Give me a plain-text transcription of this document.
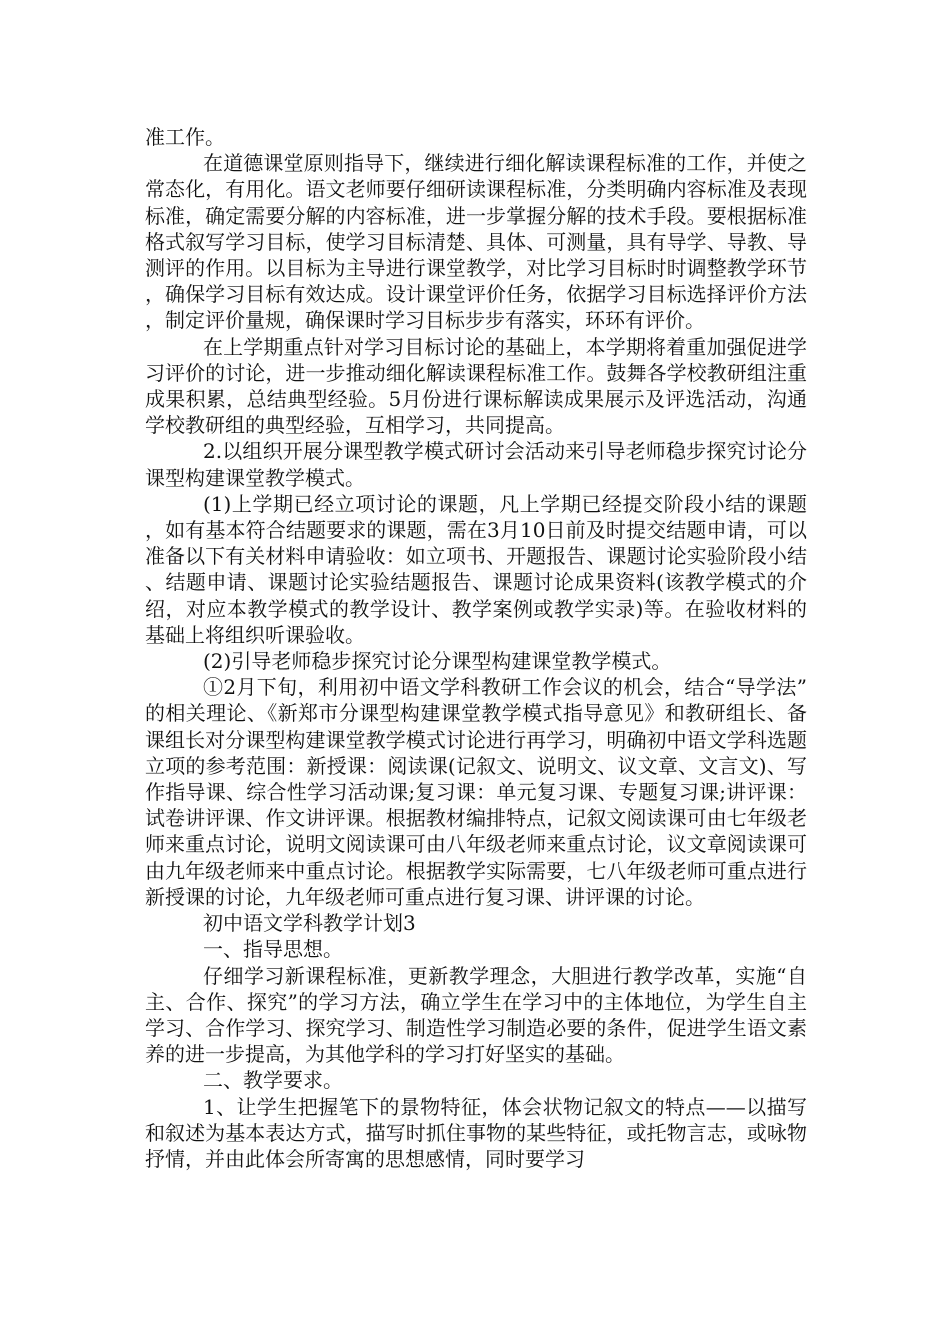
准工作。

在道德课堂原则指导下，继续进行细化解读课程标准的工作，并使之常态化，有用化。语文老师要仔细研读课程标准，分类明确内容标准及表现标准，确定需要分解的内容标准，进一步掌握分解的技术手段。要根据标准格式叙写学习目标，使学习目标清楚、具体、可测量，具有导学、导教、导测评的作用。以目标为主导进行课堂教学，对比学习目标时时调整教学环节，确保学习目标有效达成。设计课堂评价任务，依据学习目标选择评价方法，制定评价量规，确保课时学习目标步步有落实，环环有评价。

在上学期重点针对学习目标讨论的基础上，本学期将着重加强促进学习评价的讨论，进一步推动细化解读课程标准工作。鼓舞各学校教研组注重成果积累，总结典型经验。5月份进行课标解读成果展示及评选活动，沟通学校教研组的典型经验，互相学习，共同提高。

2.以组织开展分课型教学模式研讨会活动来引导老师稳步探究讨论分课型构建课堂教学模式。

(1)上学期已经立项讨论的课题，凡上学期已经提交阶段小结的课题，如有基本符合结题要求的课题，需在3月10日前及时提交结题申请，可以准备以下有关材料申请验收：如立项书、开题报告、课题讨论实验阶段小结、结题申请、课题讨论实验结题报告、课题讨论成果资料(该教学模式的介绍，对应本教学模式的教学设计、教学案例或教学实录)等。在验收材料的基础上将组织听课验收。

(2)引导老师稳步探究讨论分课型构建课堂教学模式。

①2月下旬，利用初中语文学科教研工作会议的机会，结合“导学法”的相关理论、《新郑市分课型构建课堂教学模式指导意见》和教研组长、备课组长对分课型构建课堂教学模式讨论进行再学习，明确初中语文学科选题立项的参考范围：新授课：阅读课(记叙文、说明文、议文章、文言文)、写作指导课、综合性学习活动课;复习课：单元复习课、专题复习课;讲评课：试卷讲评课、作文讲评课。根据教材编排特点，记叙文阅读课可由七年级老师来重点讨论，说明文阅读课可由八年级老师来重点讨论，议文章阅读课可由九年级老师来中重点讨论。根据教学实际需要，七八年级老师可重点进行新授课的讨论，九年级老师可重点进行复习课、讲评课的讨论。

初中语文学科教学计划3

一、指导思想。

仔细学习新课程标准，更新教学理念，大胆进行教学改革，实施“自主、合作、探究”的学习方法，确立学生在学习中的主体地位，为学生自主学习、合作学习、探究学习、制造性学习制造必要的条件，促进学生语文素养的进一步提高，为其他学科的学习打好坚实的基础。

二、教学要求。

1、让学生把握笔下的景物特征，体会状物记叙文的特点——以描写和叙述为基本表达方式，描写时抓住事物的某些特征，或托物言志，或咏物抒情，并由此体会所寄寓的思想感情，同时要学习
